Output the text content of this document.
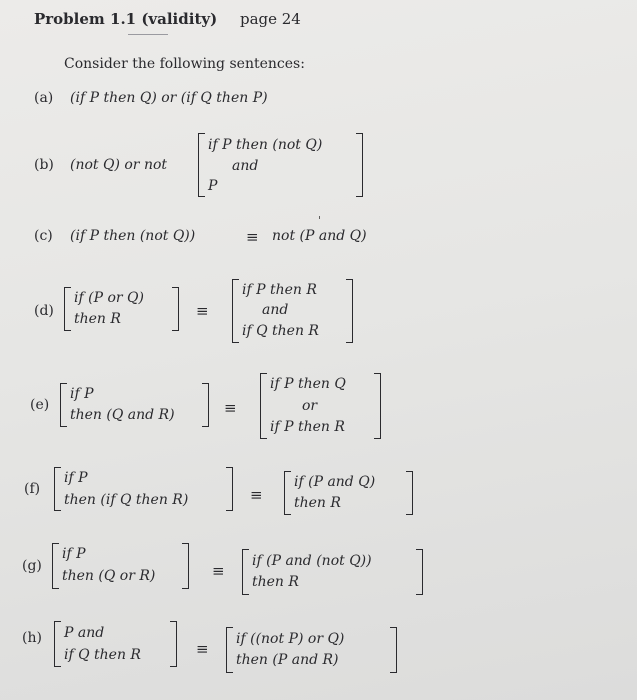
Problem 1.1 (validity) page 24
Consider the following sentences:
(a) (if P then Q) or (if Q then P)
(b) (not Q) or not
if P then (not Q)
and
P
(c) (if P then (not Q))	≡ not (P and Q)
'
(d)
if (P or Q)
then R	≡
if P then R
and
if Q then R
(e)
if P
then (Q and R)	≡
if P then Q
or
if P then R
(f)
if P
then (if Q then R)	≡
if (P and Q)
then R
(g)
if P
then (Q or R)	≡
if (P and (not Q))
then R
(h) P and
if Q then R	≡
if ((not P) or Q)
then (P and R)
